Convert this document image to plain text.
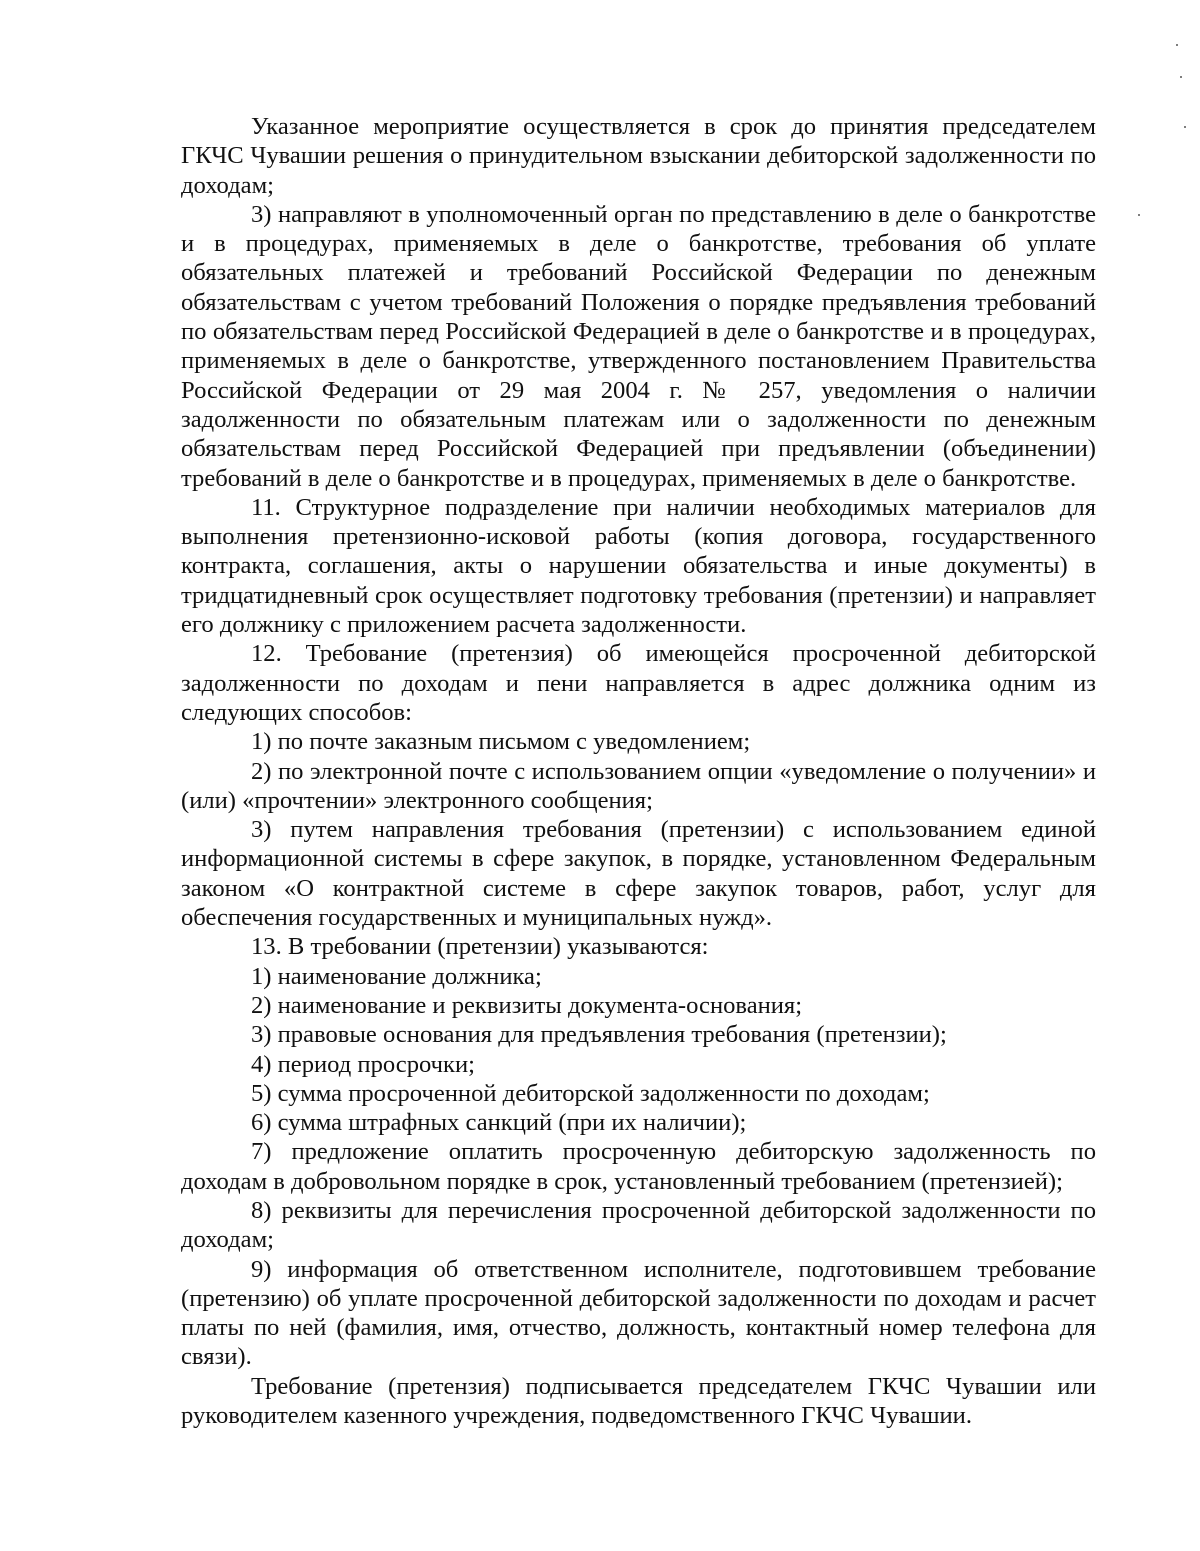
Указанное мероприятие осуществляется в срок до принятия председателем ГКЧС Чувашии решения о принудительном взыскании дебиторской задолженности по доходам;

3) направляют в уполномоченный орган по представлению в деле о банкротстве и в процедурах, применяемых в деле о банкротстве, требования об уплате обязательных платежей и требований Российской Федерации по денежным обязательствам с учетом требований Положения о порядке предъявления требований по обязательствам перед Российской Федерацией в деле о банкротстве и в процедурах, применяемых в деле о банкротстве, утвержденного постановлением Правительства Российской Федерации от 29 мая 2004 г. № 257, уведомления о наличии задолженности по обязательным платежам или о задолженности по денежным обязательствам перед Российской Федерацией при предъявлении (объединении) требований в деле о банкротстве и в процедурах, применяемых в деле о банкротстве.

11. Структурное подразделение при наличии необходимых материалов для выполнения претензионно-исковой работы (копия договора, государственного контракта, соглашения, акты о нарушении обязательства и иные документы) в тридцатидневный срок осуществляет подготовку требования (претензии) и направляет его должнику с приложением расчета задолженности.

12. Требование (претензия) об имеющейся просроченной дебиторской задолженности по доходам и пени направляется в адрес должника одним из следующих способов:

1) по почте заказным письмом с уведомлением;

2) по электронной почте с использованием опции «уведомление о получении» и (или) «прочтении» электронного сообщения;

3) путем направления требования (претензии) с использованием единой информационной системы в сфере закупок, в порядке, установленном Федеральным законом «О контрактной системе в сфере закупок товаров, работ, услуг для обеспечения государственных и муниципальных нужд».

13. В требовании (претензии) указываются:

1) наименование должника;

2) наименование и реквизиты документа-основания;

3) правовые основания для предъявления требования (претензии);

4) период просрочки;

5) сумма просроченной дебиторской задолженности по доходам;

6) сумма штрафных санкций (при их наличии);

7) предложение оплатить просроченную дебиторскую задолженность по доходам в добровольном порядке в срок, установленный требованием (претензией);

8) реквизиты для перечисления просроченной дебиторской задолженности по доходам;

9) информация об ответственном исполнителе, подготовившем требование (претензию) об уплате просроченной дебиторской задолженности по доходам и расчет платы по ней (фамилия, имя, отчество, должность, контактный номер телефона для связи).

Требование (претензия) подписывается председателем ГКЧС Чувашии или руководителем казенного учреждения, подведомственного ГКЧС Чувашии.
